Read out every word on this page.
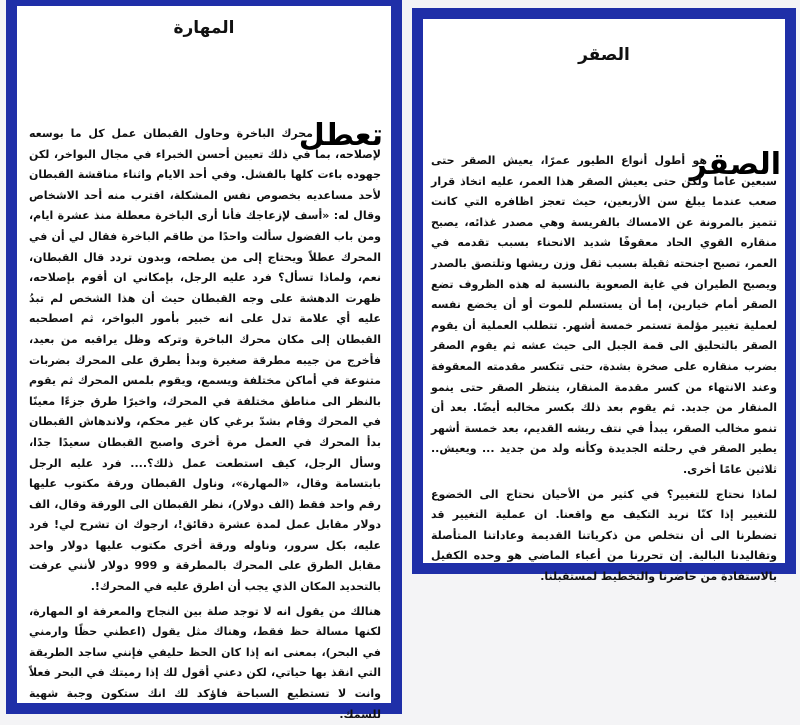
المهارة
تعطل

محرك الباخرة وحاول القبطان عمل كل ما بوسعه لإصلاحه، بما في ذلك تعيين أحسن الخبراء في مجال البواخر، لكن جهوده باءت كلها بالفشل. وفي أحد الايام واثناء مناقشة القبطان لأحد مساعديه بخصوص نفس المشكلة، اقترب منه أحد الاشخاص وقال له: «أسف لإزعاجك فأنا أرى الباخرة معطلة منذ عشرة ايام، ومن باب الفضول سألت واحدًا من طاقم الباخرة فقال لي أن في المحرك عطلاً ويحتاج إلى من يصلحه، وبدون تردد قال القبطان، نعم، ولماذا تسأل؟ فرد عليه الرجل، بإمكاني ان أقوم بإصلاحه، ظهرت الدهشة على وجه القبطان حيث أن هذا الشخص لم تبدُ عليه أي علامة تدل على انه خبير بأمور البواخر، ثم اصطحبه القبطان إلى مكان محرك الباخرة وتركه وظل يراقبه من بعيد، فأخرج من جيبه مطرقة صغيرة وبدأ يطرق على المحرك بضربات متنوعة في أماكن مختلفة ويسمع، ويقوم بلمس المحرك ثم يقوم بالنظر الى مناطق مختلفة في المحرك، واخيرًا طرق جزءًا معينًا في المحرك وقام بشدّ برغي كان غير محكم، ولاندهاش القبطان بدأ المحرك في العمل مرة أخرى واصبح القبطان سعيدًا جدًا، وسأل الرجل، كيف استطعت عمل ذلك؟.... فرد عليه الرجل بابتسامة وقال، «المهارة»، وناول القبطان ورقة مكتوب عليها رقم واحد فقط (الف دولار)، نظر القبطان الى الورقة وقال، الف دولار مقابل عمل لمدة عشرة دقائق!، ارجوك ان تشرح لي! فرد عليه، بكل سرور، وناوله ورقة أخرى مكتوب عليها دولار واحد مقابل الطرق على المحرك بالمطرقة و 999 دولار لأنني عرفت بالتحديد المكان الذي يجب أن اطرق عليه في المحرك!.

هنالك من يقول انه لا توجد صلة بين النجاح والمعرفة او المهارة، لكنها مسالة حظ فقط، وهناك مثل يقول (اعطني حظًا وارمني في البحر)، بمعنى انه إذا كان الحظ حليفي فإنني ساجد الطريقة التي انقذ بها حياتي، لكن دعني أقول لك إذا رميتك في البحر فعلاً وانت لا تستطيع السباحة فاؤكد لك انك ستكون وجبة شهية للسمك.

الصقر
الصقر

هو أطول أنواع الطيور عمرًا، يعيش الصقر حتى سبعين عاما ولكن حتى يعيش الصقر هذا العمر، عليه اتخاذ قرار صعب عندما يبلغ سن الأربعين، حيث تعجز اظافره التي كانت تتميز بالمرونة عن الامساك بالفريسة وهي مصدر غذائه، يصبح منقاره القوي الحاد معقوفًا شديد الانحناء بسبب تقدمه في العمر، تصبح اجنحته ثقيلة بسبب ثقل وزن ريشها وتلتصق بالصدر ويصبح الطيران في غاية الصعوبة بالنسبة له هذه الظروف تضع الصقر أمام خيارين، إما أن يستسلم للموت أو أن يخضع نفسه لعملية تغيير مؤلمة تستمر خمسة أشهر. تتطلب العملية أن يقوم الصقر بالتحليق الى قمة الجبل الى حيث عشه ثم يقوم الصقر بضرب منقاره على صخرة بشدة، حتى تتكسر مقدمته المعقوفة وعند الانتهاء من كسر مقدمة المنقار، ينتظر الصقر حتى ينمو المنقار من جديد. ثم يقوم بعد ذلك بكسر مخالبه أيضًا. بعد أن تنمو مخالب الصقر، يبدأ في نتف ريشه القديم، بعد خمسة أشهر يطير الصقر في رحلته الجديدة وكأنه ولد من جديد ... ويعيش.. ثلاثين عامًا أخرى.

لماذا نحتاج للتغيير؟ في كثير من الأحيان نحتاج الى الخضوع للتغيير إذا كنّا نريد التكيف مع واقعنا. ان عملية التغيير قد تضطرنا الى أن نتخلص من ذكرياتنا القديمة وعاداتنا المتأصلة وتقاليدنا البالية. إن تحررنا من أعباء الماضي هو وحده الكفيل بالاستفادة من حاضرنا والتخطيط لمستقبلنا.
